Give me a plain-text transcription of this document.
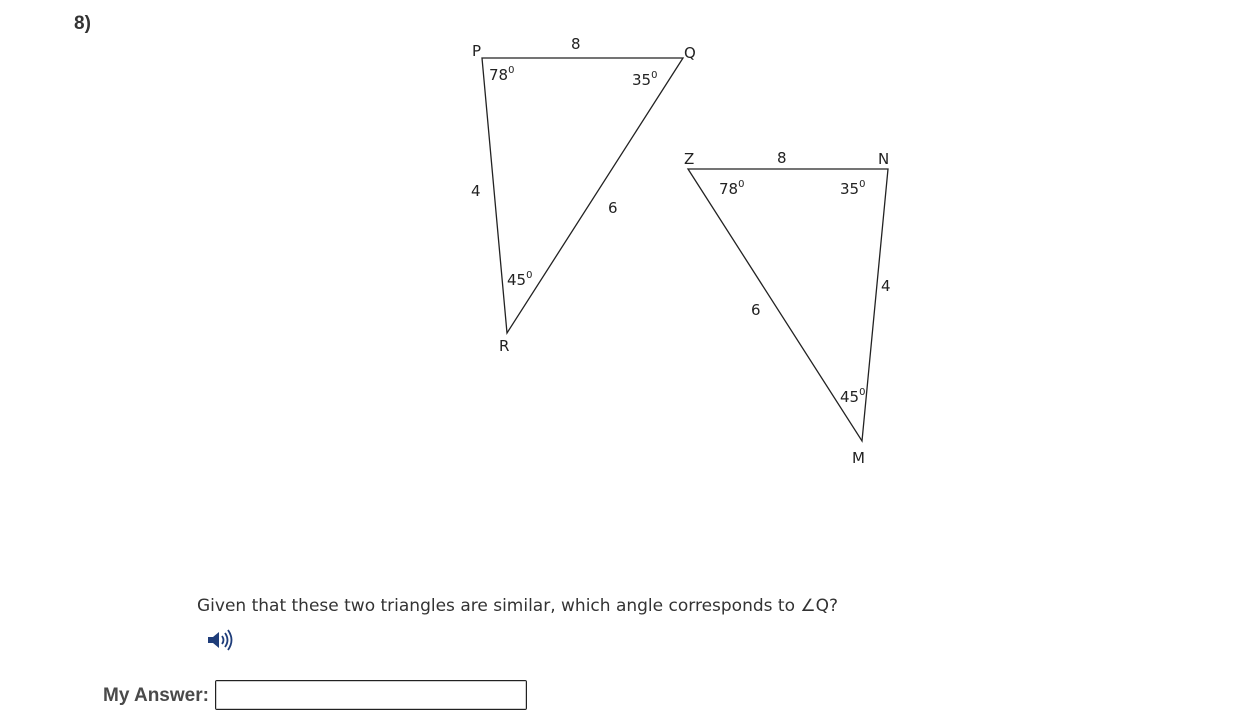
8)
P	Q
R
8
4
6
$78^0$
$35^0$
$45^0$
Z	N
M
8
4
6
$78^0$	$35^0$
$45^0$
Given that these two triangles are similar, which angle corresponds to ∠Q?
My Answer:
